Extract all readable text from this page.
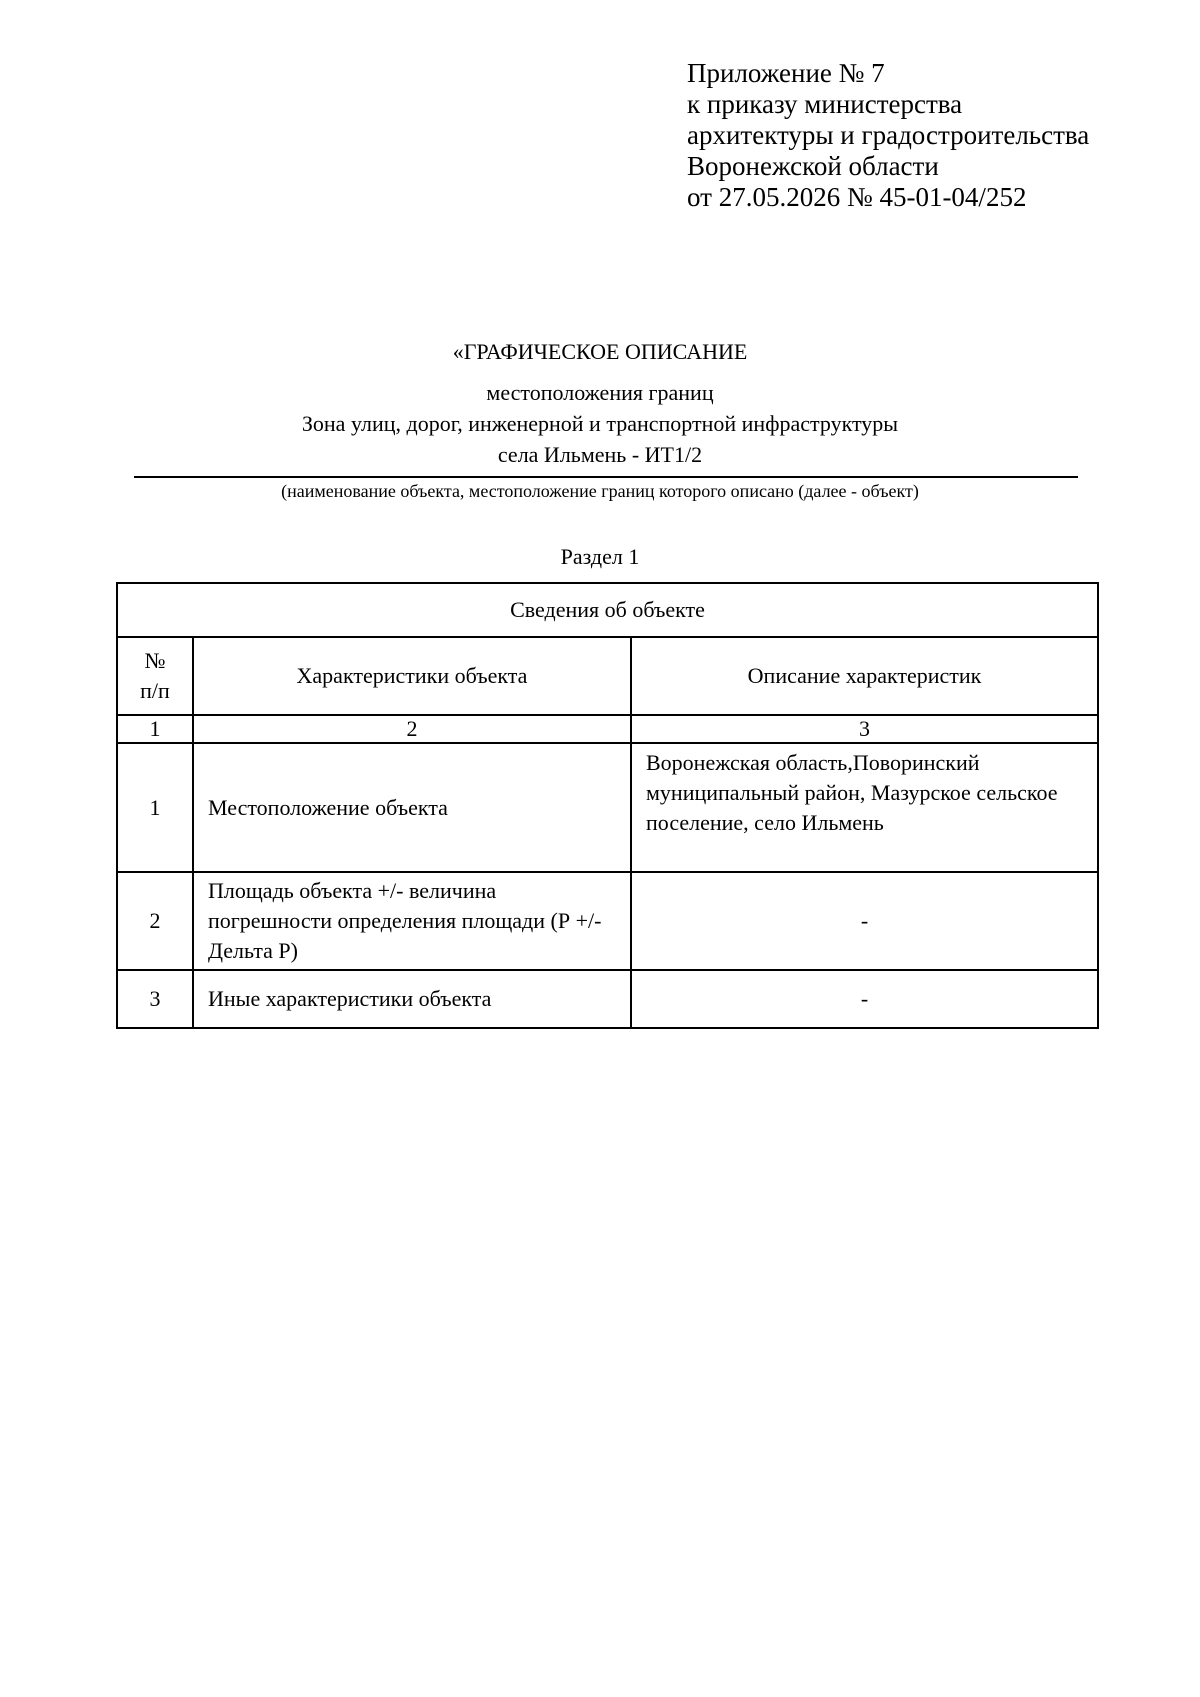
Приложение № 7
к приказу министерства
архитектуры и градостроительства
Воронежской области
от 27.05.2026 № 45-01-04/252
«ГРАФИЧЕСКОЕ ОПИСАНИЕ
местоположения границ
Зона улиц, дорог, инженерной и транспортной инфраструктуры
села Ильмень - ИТ1/2
(наименование объекта, местоположение границ которого описано (далее - объект)
Раздел 1
Сведения об объекте		

№
п/п	Характеристики объекта	Описание характеристик
1	2	3
1	Местоположение объекта	Воронежская область,Поворинский муниципальный район, Мазурское сельское поселение, село Ильмень
2	Площадь объекта +/- величина погрешности определения площади (Р +/- Дельта Р)	-
3	Иные характеристики объекта	-
